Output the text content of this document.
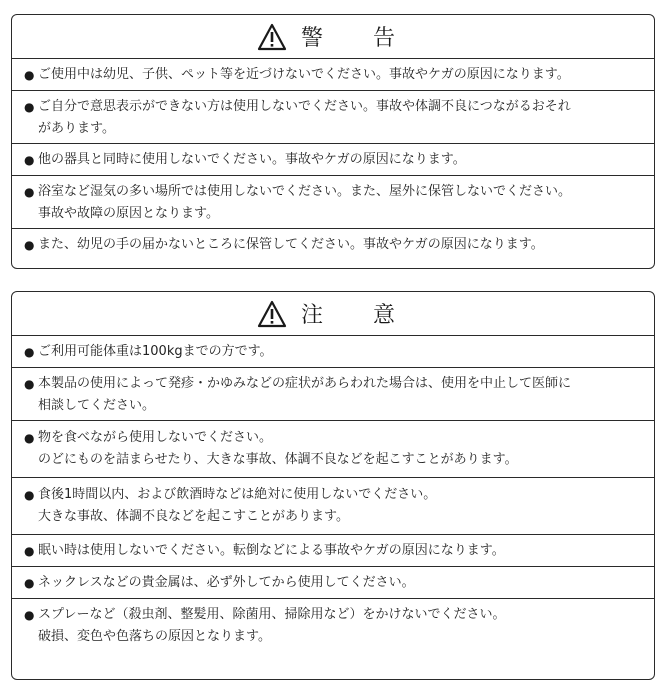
警　告
● ご使用中は幼児、子供、ペット等を近づけないでください。事故やケガの原因になります。
● ご自分で意思表示ができない方は使用しないでください。事故や体調不良につながるおそれ
があります。
● 他の器具と同時に使用しないでください。事故やケガの原因になります。
● 浴室など湿気の多い場所では使用しないでください。また、屋外に保管しないでください。
事故や故障の原因となります。
● また、幼児の手の届かないところに保管してください。事故やケガの原因になります。
注　意
● ご利用可能体重は100kgまでの方です。
● 本製品の使用によって発疹・かゆみなどの症状があらわれた場合は、使用を中止して医師に
相談してください。
● 物を食べながら使用しないでください。
のどにものを詰まらせたり、大きな事故、体調不良などを起こすことがあります。
● 食後1時間以内、および飲酒時などは絶対に使用しないでください。
大きな事故、体調不良などを起こすことがあります。
● 眠い時は使用しないでください。転倒などによる事故やケガの原因になります。
● ネックレスなどの貴金属は、必ず外してから使用してください。
● スプレーなど（殺虫剤、整髪用、除菌用、掃除用など）をかけないでください。
破損、変色や色落ちの原因となります。
